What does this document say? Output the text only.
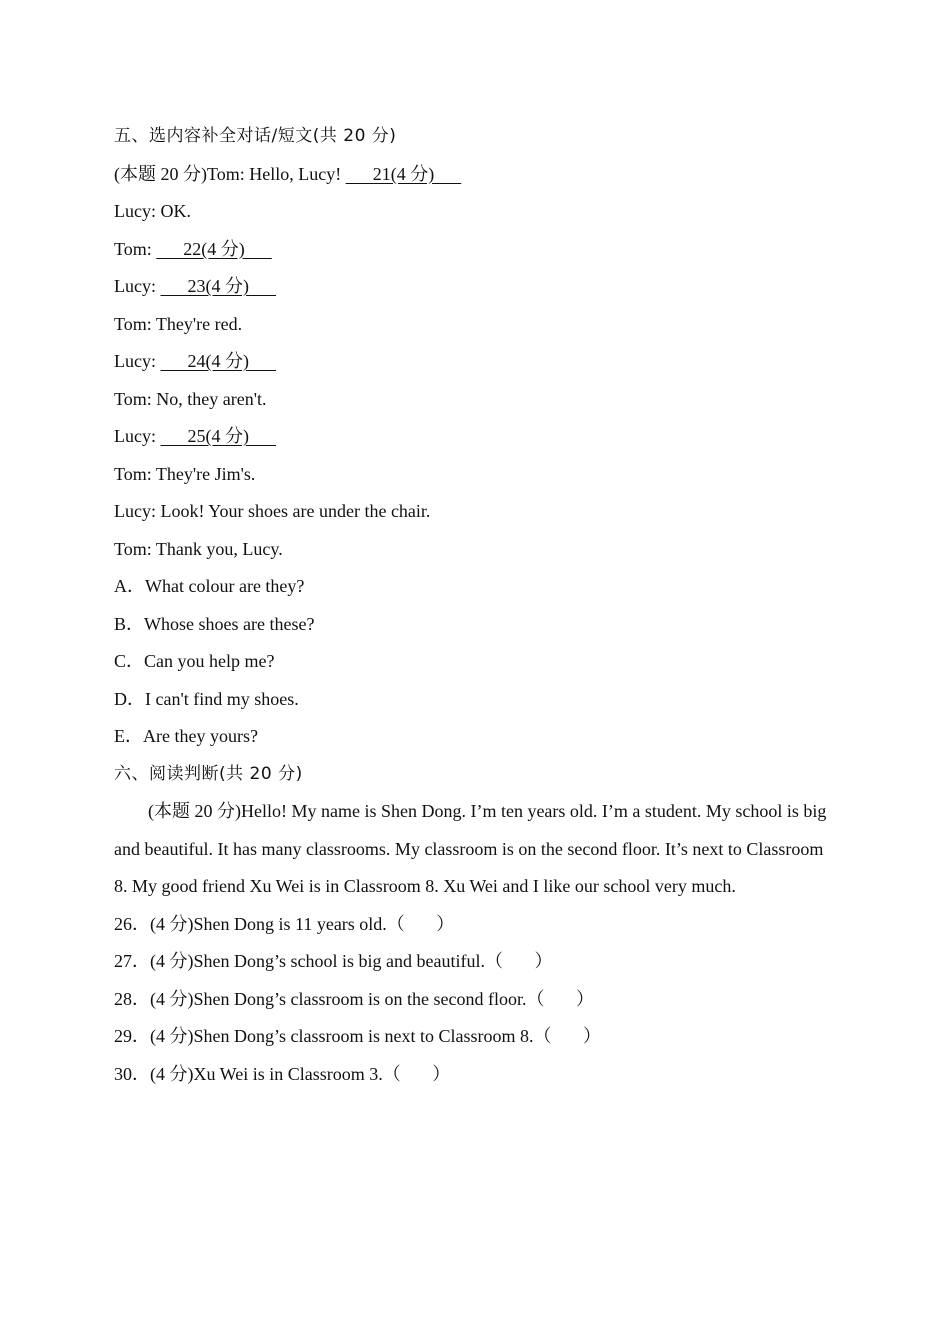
五、选内容补全对话/短文(共 20 分)
(本题 20 分)Tom: Hello, Lucy!       21(4 分)
Lucy: OK.
Tom:       22(4 分)
Lucy:       23(4 分)
Tom: They're red.
Lucy:       24(4 分)
Tom: No, they aren't.
Lucy:       25(4 分)
Tom: They're Jim's.
Lucy: Look! Your shoes are under the chair.
Tom: Thank you, Lucy.
A．What colour are they?
B．Whose shoes are these?
C．Can you help me?
D．I can't find my shoes.
E．Are they yours?
六、阅读判断(共 20 分)

(本题 20 分)Hello! My name is Shen Dong. I’m ten years old. I’m a student. My school is big and beautiful. It has many classrooms. My classroom is on the second floor. It’s next to Classroom 8. My good friend Xu Wei is in Classroom 8. Xu Wei and I like our school very much.

26．(4 分)Shen Dong is 11 years old.（       ）
27．(4 分)Shen Dong’s school is big and beautiful.（       ）
28．(4 分)Shen Dong’s classroom is on the second floor.（       ）
29．(4 分)Shen Dong’s classroom is next to Classroom 8.（       ）
30．(4 分)Xu Wei is in Classroom 3.（       ）
